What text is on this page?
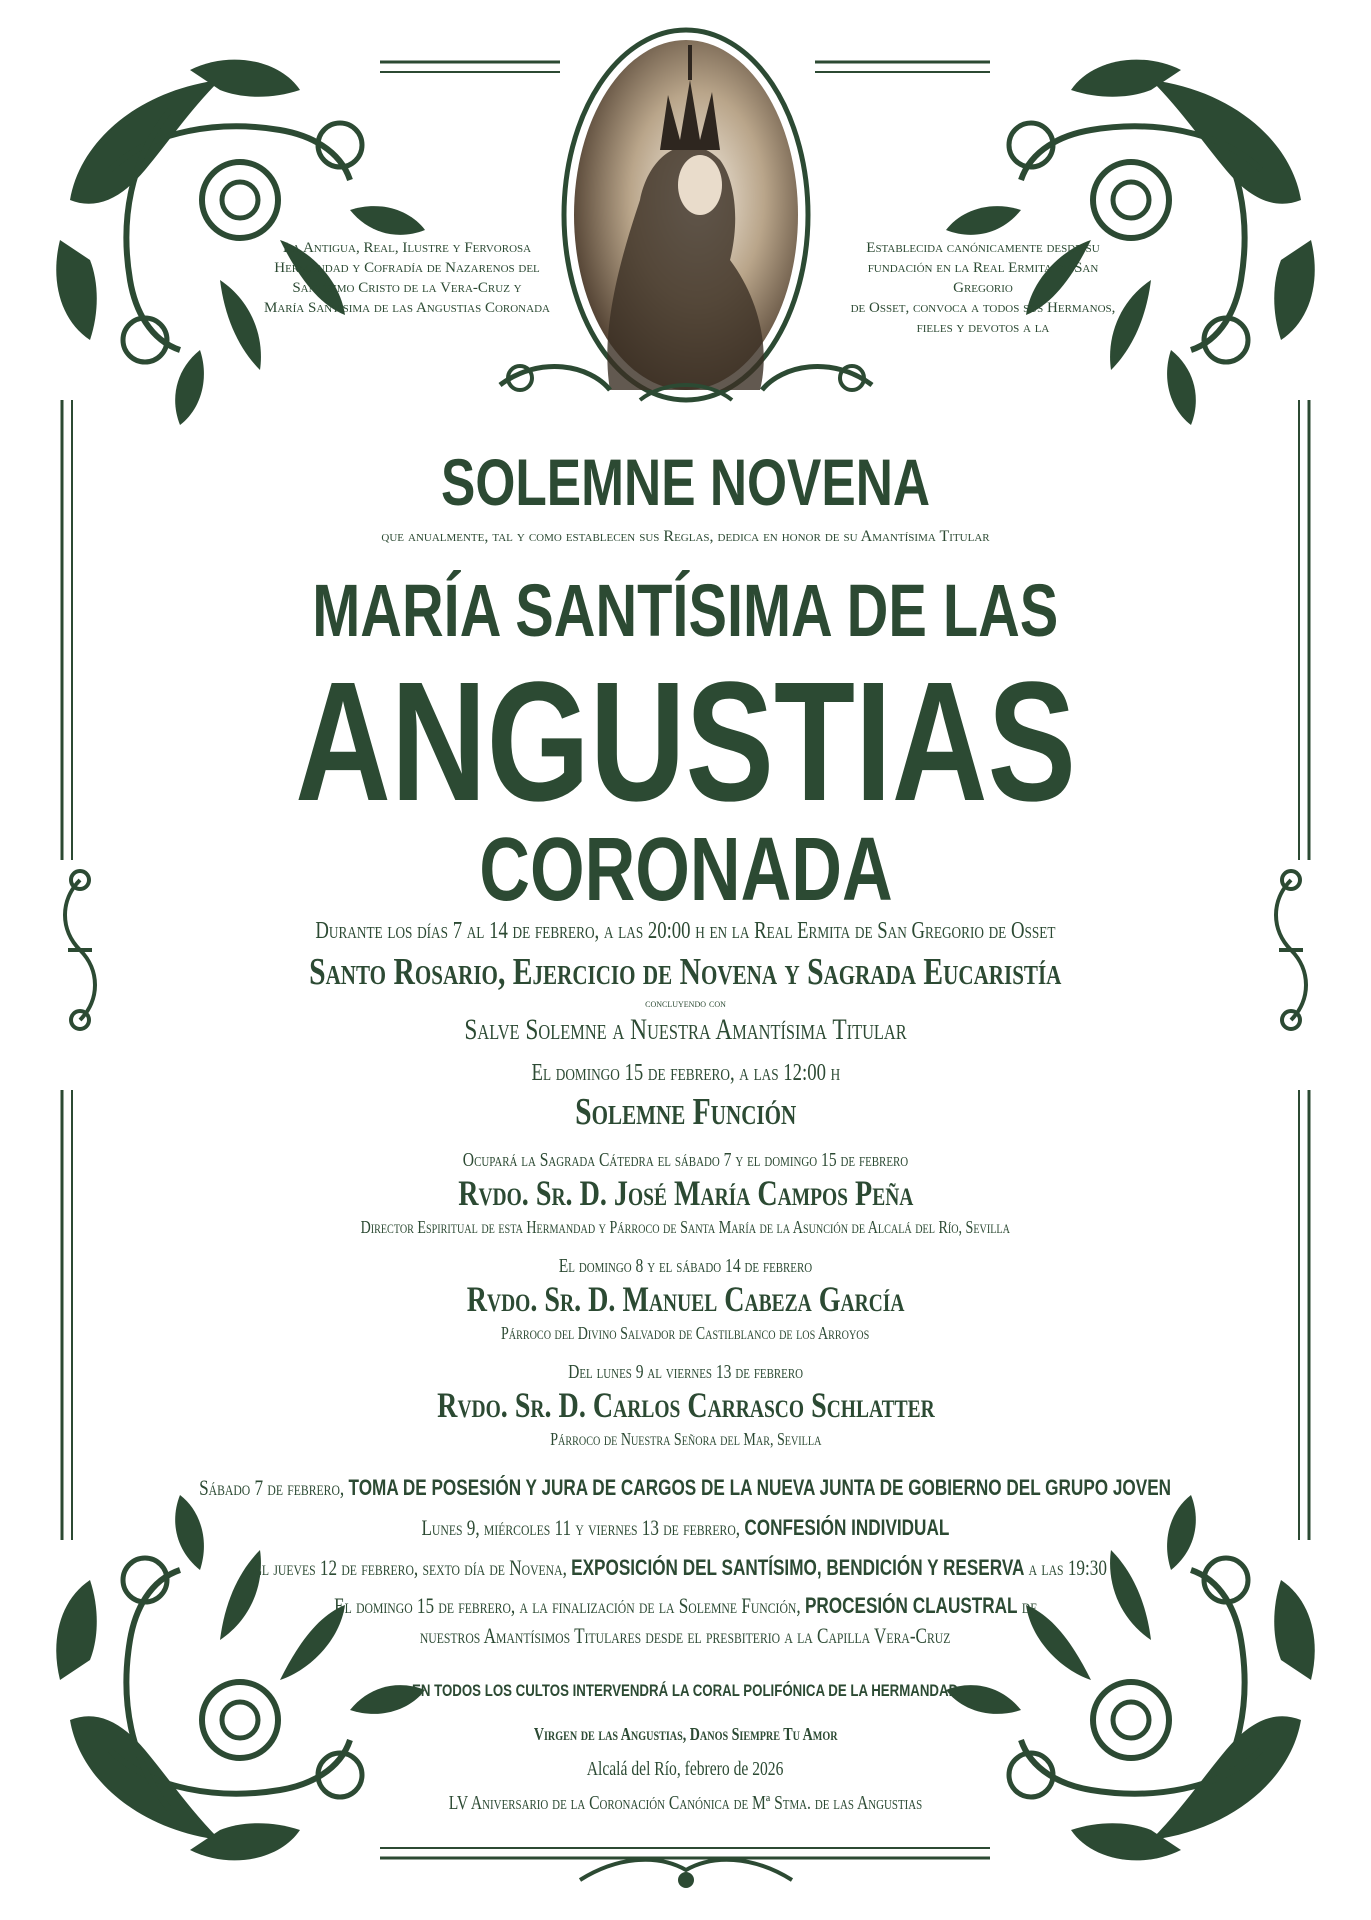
La Antigua, Real, Ilustre y Fervorosa
Hermandad y Cofradía de Nazarenos del
Santísimo Cristo de la Vera-Cruz y
María Santísima de las Angustias Coronada
Establecida canónicamente desde su
fundación en la Real Ermita de San Gregorio
de Osset, convoca a todos sus Hermanos,
fieles y devotos a la
SOLEMNE NOVENA
que anualmente, tal y como establecen sus Reglas, dedica en honor de su Amantísima Titular
MARÍA SANTÍSIMA DE LAS
ANGUSTIAS
CORONADA
Durante los días 7 al 14 de febrero, a las 20:00 h en la Real Ermita de San Gregorio de Osset
Santo Rosario, Ejercicio de Novena y Sagrada Eucaristía
concluyendo con
Salve Solemne a Nuestra Amantísima Titular
El domingo 15 de febrero, a las 12:00 h
Solemne Función
Ocupará la Sagrada Cátedra el sábado 7 y el domingo 15 de febrero
Rvdo. Sr. D. José María Campos Peña
Director Espiritual de esta Hermandad y Párroco de Santa María de la Asunción de Alcalá del Río, Sevilla
El domingo 8 y el sábado 14 de febrero
Rvdo. Sr. D. Manuel Cabeza García
Párroco del Divino Salvador de Castilblanco de los Arroyos
Del lunes 9 al viernes 13 de febrero
Rvdo. Sr. D. Carlos Carrasco Schlatter
Párroco de Nuestra Señora del Mar, Sevilla
Sábado 7 de febrero, TOMA DE POSESIÓN Y JURA DE CARGOS DE LA NUEVA JUNTA DE GOBIERNO DEL GRUPO JOVEN
Lunes 9, miércoles 11 y viernes 13 de febrero, CONFESIÓN INDIVIDUAL
El jueves 12 de febrero, sexto día de Novena, EXPOSICIÓN DEL SANTÍSIMO, BENDICIÓN Y RESERVA a las 19:30 h
El domingo 15 de febrero, a la finalización de la Solemne Función, PROCESIÓN CLAUSTRAL de
nuestros Amantísimos Titulares desde el presbiterio a la Capilla Vera-Cruz
EN TODOS LOS CULTOS INTERVENDRÁ LA CORAL POLIFÓNICA DE LA HERMANDAD
Virgen de las Angustias, Danos Siempre Tu Amor
Alcalá del Río, febrero de 2026
LV Aniversario de la Coronación Canónica de Mª Stma. de las Angustias
